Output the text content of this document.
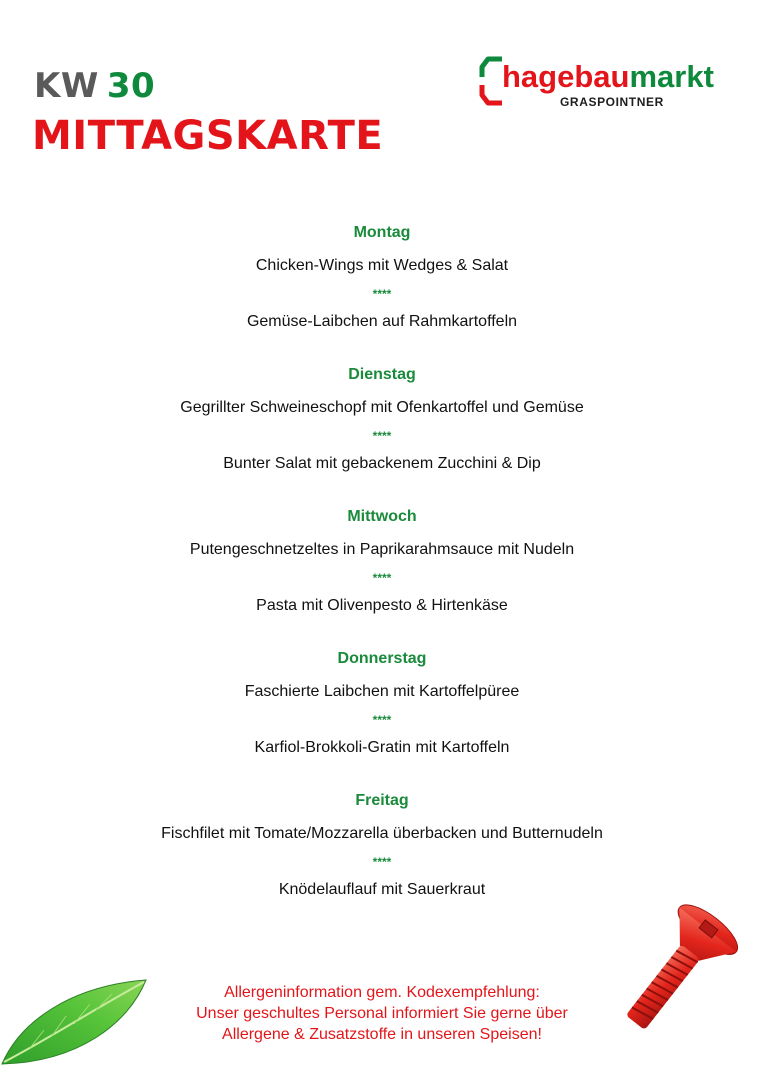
KW 30
MITTAGSKARTE
hagebaumarkt
GRASPOINTNER
Montag
Chicken-Wings mit Wedges & Salat
****
Gemüse-Laibchen auf Rahmkartoffeln
Dienstag
Gegrillter Schweineschopf mit Ofenkartoffel und Gemüse
****
Bunter Salat mit gebackenem Zucchini & Dip
Mittwoch
Putengeschnetzeltes in Paprikarahmsauce mit Nudeln
****
Pasta mit Olivenpesto & Hirtenkäse
Donnerstag
Faschierte Laibchen mit Kartoffelpüree
****
Karfiol-Brokkoli-Gratin mit Kartoffeln
Freitag
Fischfilet mit Tomate/Mozzarella überbacken und Butternudeln
****
Knödelauflauf mit Sauerkraut
Allergeninformation gem. Kodexempfehlung:
Unser geschultes Personal informiert Sie gerne über
Allergene & Zusatzstoffe in unseren Speisen!
